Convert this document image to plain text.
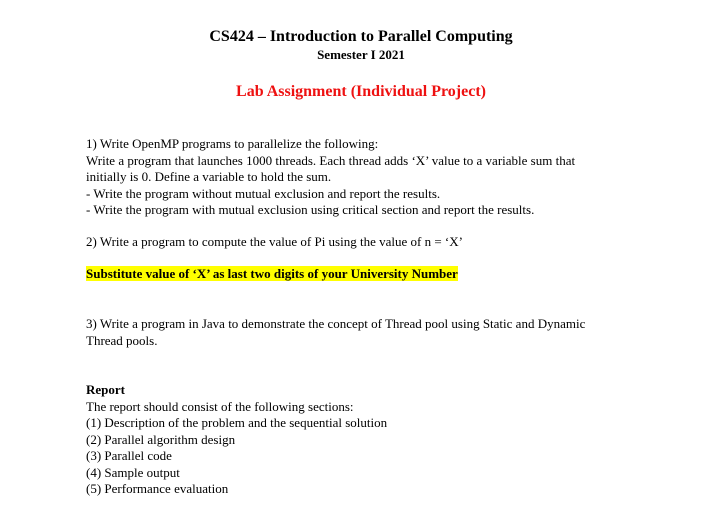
CS424 – Introduction to Parallel Computing
Semester I 2021
Lab Assignment (Individual Project)
1) Write OpenMP programs to parallelize the following:
Write a program that launches 1000 threads. Each thread adds ‘X’ value to a variable sum that
initially is 0. Define a variable to hold the sum.
- Write the program without mutual exclusion and report the results.
- Write the program with mutual exclusion using critical section and report the results.
2) Write a program to compute the value of Pi using the value of n = ‘X’
Substitute value of ‘X’ as last two digits of your University Number
3) Write a program in Java to demonstrate the concept of Thread pool using Static and Dynamic
Thread pools.
Report
The report should consist of the following sections:
(1) Description of the problem and the sequential solution
(2) Parallel algorithm design
(3) Parallel code
(4) Sample output
(5) Performance evaluation
